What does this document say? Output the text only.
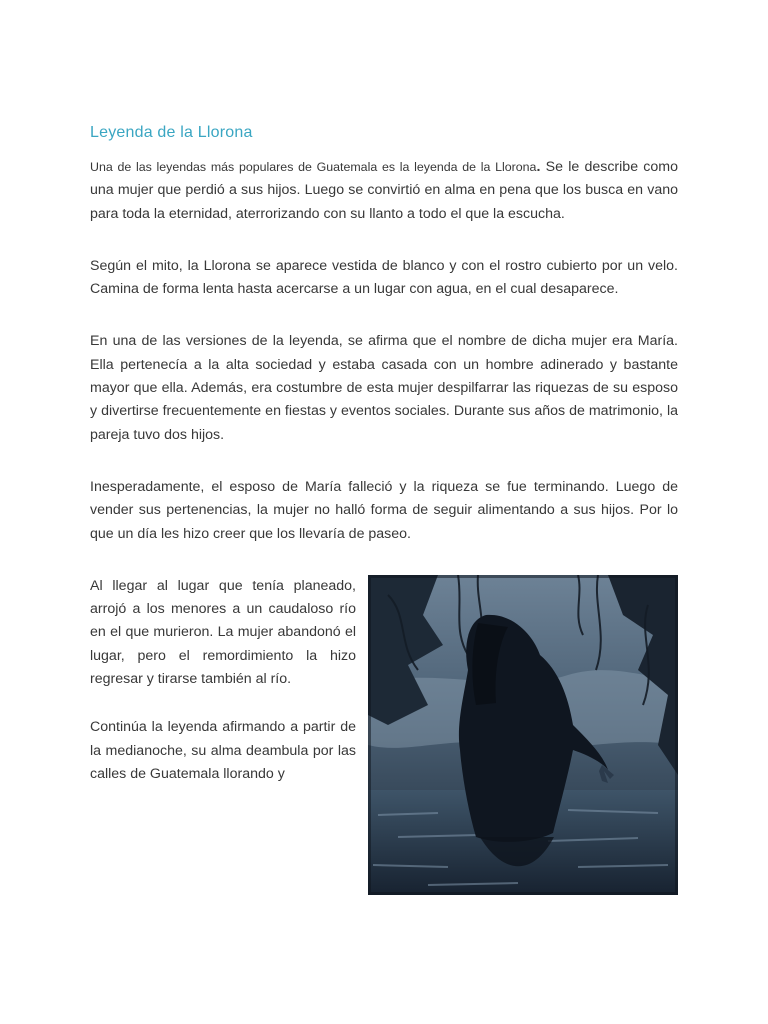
Leyenda de la Llorona

Una de las leyendas más populares de Guatemala es la leyenda de la Llorona. Se le describe como una mujer que perdió a sus hijos. Luego se convirtió en alma en pena que los busca en vano para toda la eternidad, aterrorizando con su llanto a todo el que la escucha.

Según el mito, la Llorona se aparece vestida de blanco y con el rostro cubierto por un velo. Camina de forma lenta hasta acercarse a un lugar con agua, en el cual desaparece.

En una de las versiones de la leyenda, se afirma que el nombre de dicha mujer era María. Ella pertenecía a la alta sociedad y estaba casada con un hombre adinerado y bastante mayor que ella. Además, era costumbre de esta mujer despilfarrar las riquezas de su esposo y divertirse frecuentemente en fiestas y eventos sociales. Durante sus años de matrimonio, la pareja tuvo dos hijos.

Inesperadamente, el esposo de María falleció y la riqueza se fue terminando. Luego de vender sus pertenencias, la mujer no halló forma de seguir alimentando a sus hijos. Por lo que un día les hizo creer que los llevaría de paseo.

Al llegar al lugar que tenía planeado, arrojó a los menores a un caudaloso río en el que murieron. La mujer abandonó el lugar, pero el remordimiento la hizo regresar y tirarse también al río.

Continúa la leyenda afirmando a partir de la medianoche, su alma deambula por las calles de Guatemala llorando y
